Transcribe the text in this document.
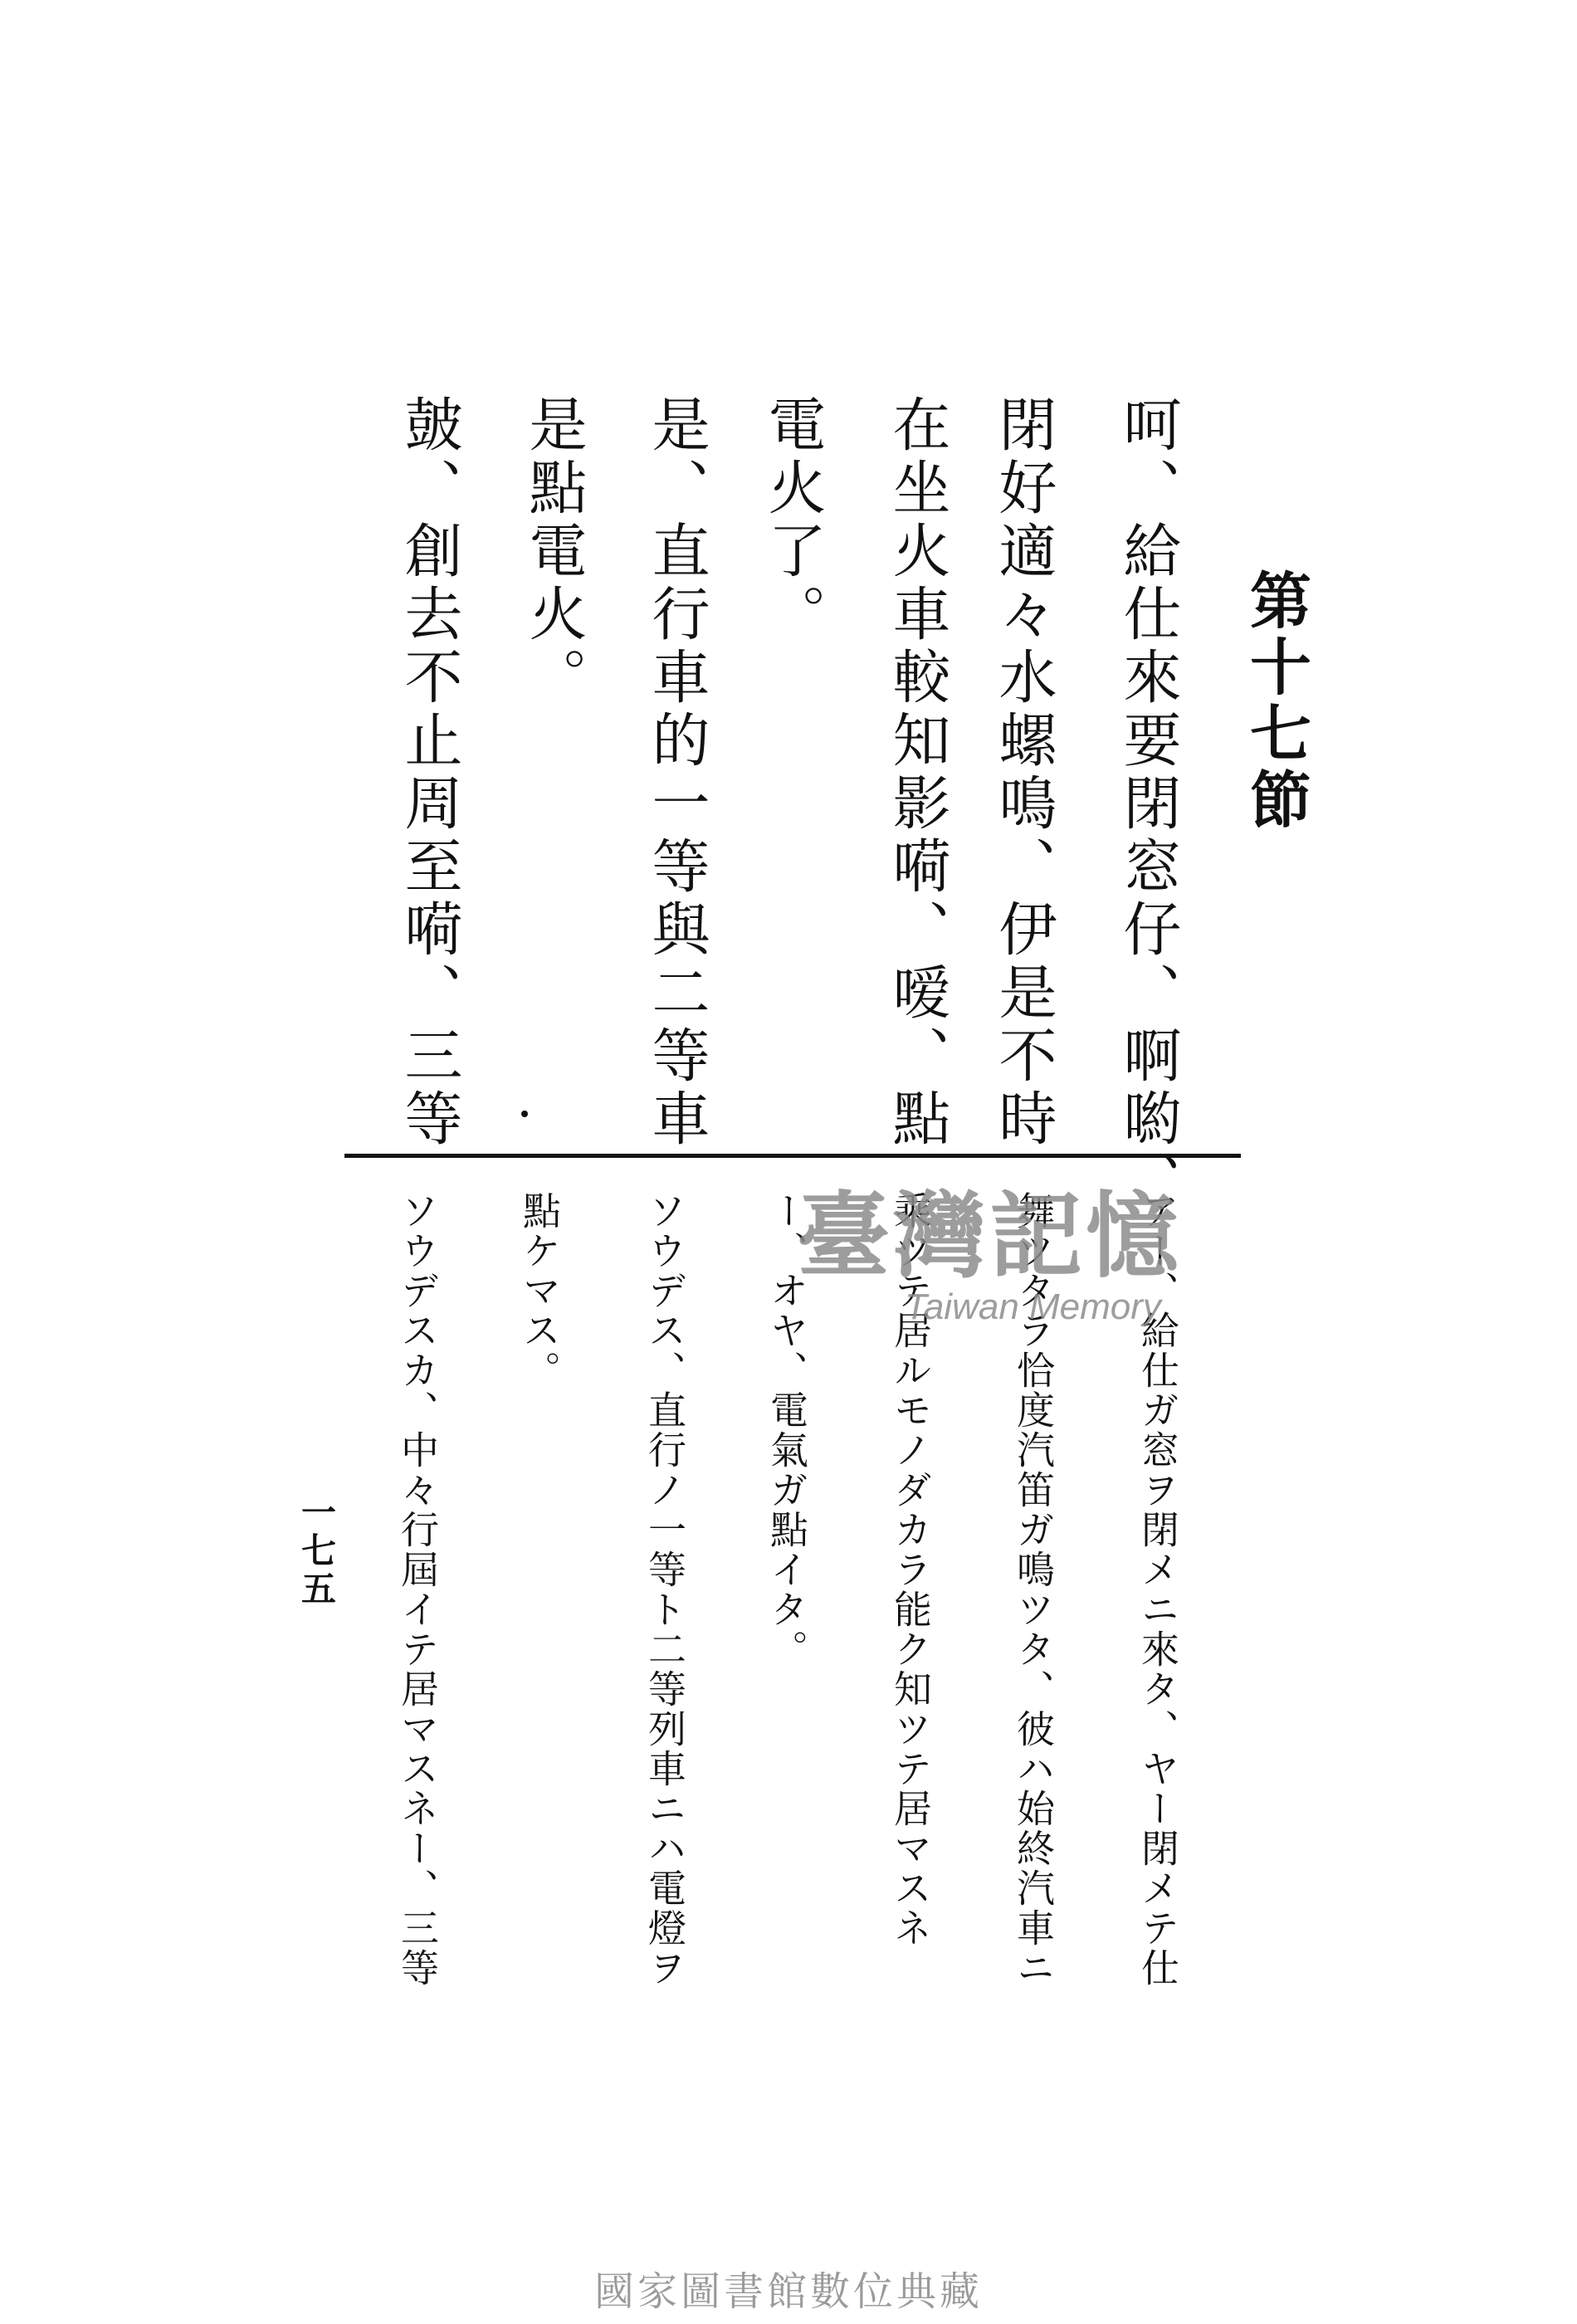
第十七節
呵、給仕來要閉窓仔、啊喲、
閉好適々水螺鳴、伊是不時
在坐火車較知影嗬、嗳、點
電火了。
是、直行車的一等與二等車
是點電火。
皷、創去不止周至嗬、三等
アー、給仕ガ窓ヲ閉メニ來タ、ヤー閉メテ仕
舞ツタラ恰度汽笛ガ鳴ツタ、彼ハ始終汽車ニ
乘ツテ居ルモノダカラ能ク知ツテ居マスネ
ー、オヤ、電氣ガ點イタ。
ソウデス、直行ノ一等ト二等列車ニハ電燈ヲ
點ケマス。
ソウデスカ、中々行屆イテ居マスネー、三等
一七五
臺灣記憶
Taiwan Memory
國家圖書館數位典藏
